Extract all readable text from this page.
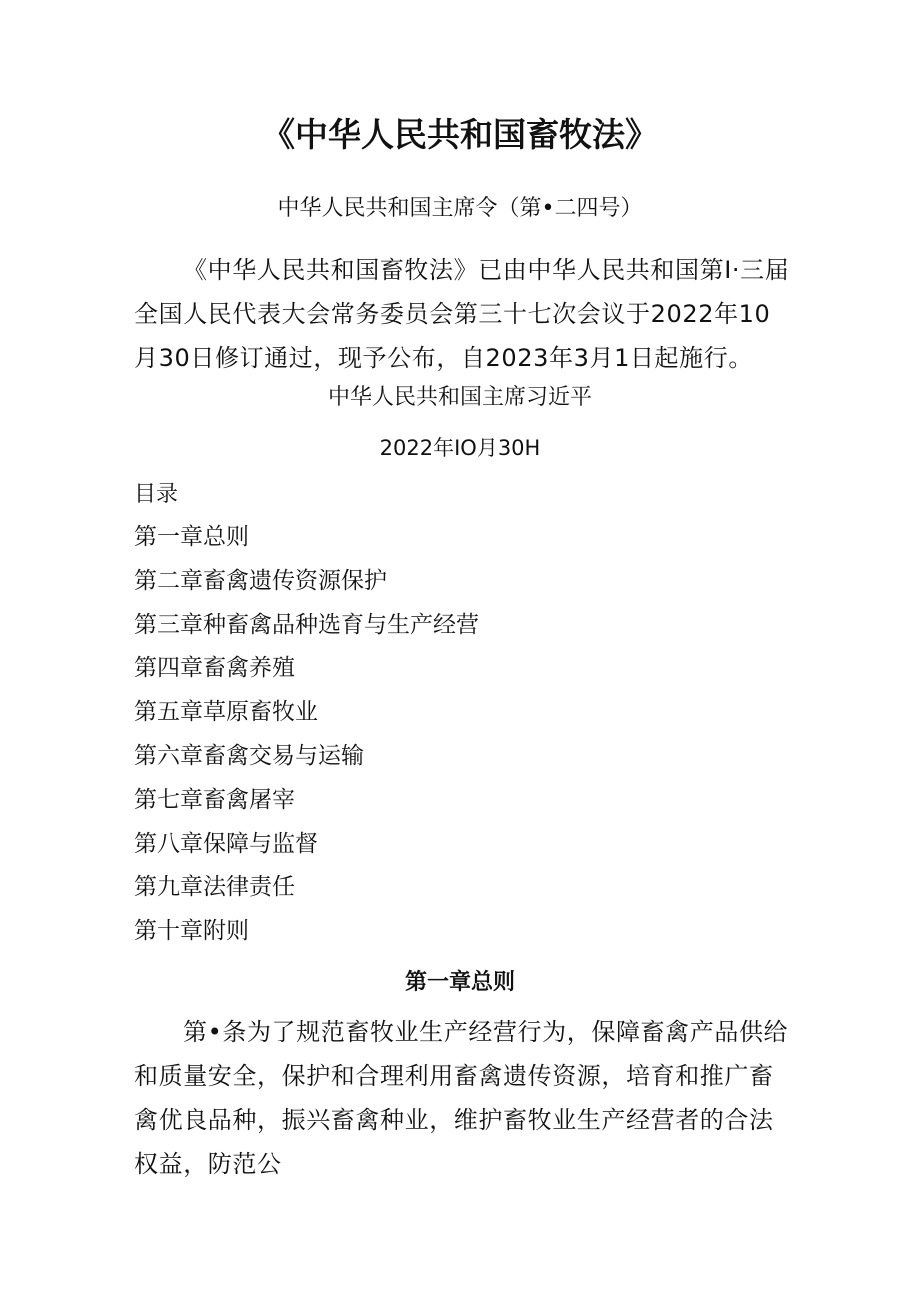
《中华人民共和国畜牧法》

中华人民共和国主席令（第•二四号）

《中华人民共和国畜牧法》已由中华人民共和国第I·三届全国人民代表大会常务委员会第三十七次会议于2022年10月30日修订通过，现予公布，自2023年3月1日起施行。

中华人民共和国主席习近平

2022年IO月30H

目录

第一章总则
第二章畜禽遗传资源保护
第三章种畜禽品种选育与生产经营
第四章畜禽养殖
第五章草原畜牧业
第六章畜禽交易与运输
第七章畜禽屠宰
第八章保障与监督
第九章法律责任
第十章附则
第一章总则

第•条为了规范畜牧业生产经营行为，保障畜禽产品供给和质量安全，保护和合理利用畜禽遗传资源，培育和推广畜禽优良品种，振兴畜禽种业，维护畜牧业生产经营者的合法权益，防范公
